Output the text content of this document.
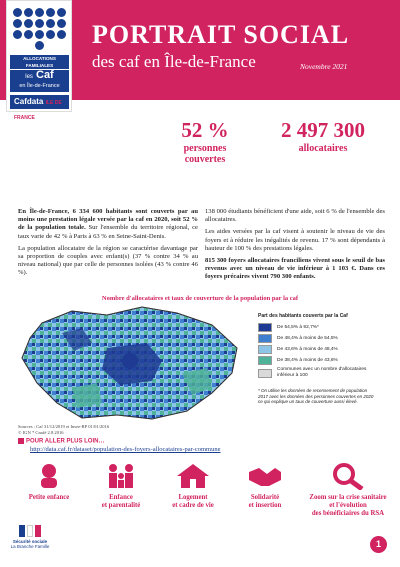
ALLOCATIONS FAMILIALES
les Caf
en Île-de-France
Cafdata ILE DE FRANCE
PORTRAIT SOCIAL
des caf en Île-de-France	Novembre 2021
52 %
personnes
couvertes
2 497 300
allocataires

En Île-de-France, 6 334 600 habitants sont couverts par au moins une prestation légale versée par la caf en 2020, soit 52 % de la population totale. Sur l'ensemble du territoire régional, ce taux varie de 42 % à Paris à 63 % en Seine-Saint-Denis.

La population allocataire de la région se caractérise davantage par sa proportion de couples avec enfant(s) (37 % contre 34 % au niveau national) que par celle de personnes isolées (43 % contre 46 %).

138 000 étudiants bénéficient d'une aide, soit 6 % de l'ensemble des allocataires.

Les aides versées par la caf visent à soutenir le niveau de vie des foyers et à réduire les inégalités de revenu. 17 % sont dépendants à hauteur de 100 % des prestations légales.

815 300 foyers allocataires franciliens vivent sous le seuil de bas revenus avec un niveau de vie inférieur à 1 103 €. Dans ces foyers précaires vivent 790 300 enfants.

Nombre d'allocataires et taux de couverture de la population par la caf
Part des habitants couverts par la Caf
De 54,5% à 92,7%*
De 48,4% à moins de 54,5%
De 43,6% à moins de 48,4%
De 38,4% à moins de 43,6%
Communes avec un nombre d'allocataires inférieur à 100
* On utilise les données de recensement de population 2017 avec les données des personnes couvertes en 2020 ce qui explique un taux de couverture aussi élevé.
Sources : Caf 31/12/2019 et Insee-RP 01/01/2016
© IGN * Cnafé 2.8.2016
POUR ALLER PLUS LOIN…
http://data.caf.fr/dataset/population-des-foyers-allocataires-par-commune
Petite enfance	Enfance
et parentalité
Logement
et cadre de vie
Solidarité
et insertion
Zoom sur la crise sanitaire
et l'évolution
des bénéficiaires du RSA
Sécurité sociale
La Branche Famille	1
